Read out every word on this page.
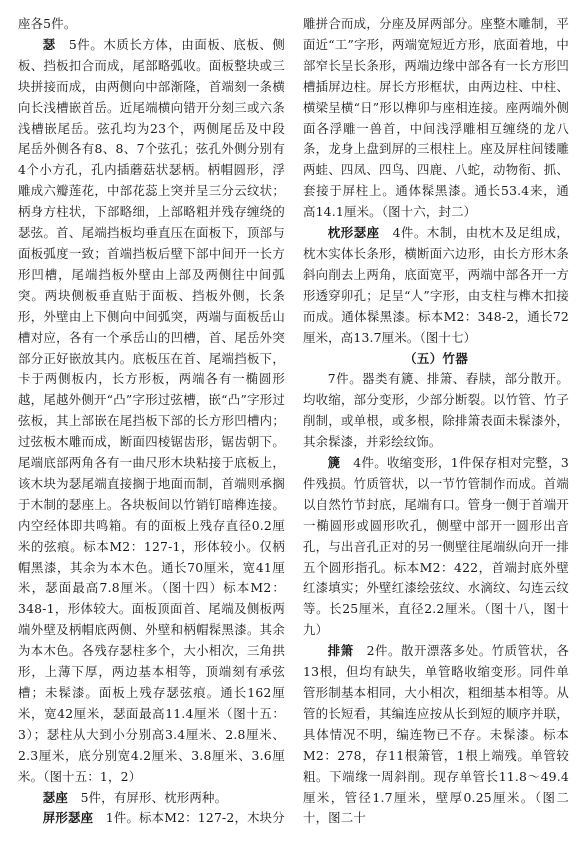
座各5件。

瑟　 5件。木质长方体，由面板、底板、侧板、挡板扣合而成，尾部略弧收。面板整块或三块拼接而成，由两侧向中部渐隆，首端刻一条横向长浅槽嵌首岳。近尾端横向错开分刻三或六条浅槽嵌尾岳。弦孔均为23个，两侧尾岳及中段尾岳外侧各有8、8、7个弦孔；弦孔外侧分别有4个小方孔，孔内插蘑菇状瑟柄。柄帽圆形，浮雕成六瓣莲花，中部花蕊上突并呈三分云纹状；柄身方柱状，下部略细，上部略粗并残存缠绕的瑟弦。首、尾端挡板均垂直压在面板下，顶部与面板弧度一致；首端挡板后壁下部中间开一长方形凹槽，尾端挡板外壁由上部及两侧往中间弧突。两块侧板垂直贴于面板、挡板外侧，长条形，外壁由上下侧向中间弧突，两端与面板岳山槽对应，各有一个承岳山的凹槽，首、尾岳外突部分正好嵌放其内。底板压在首、尾端挡板下，卡于两侧板内，长方形板，两端各有一椭圆形越，尾越外侧开“凸”字形过弦槽，嵌“凸”字形过弦板，其上部嵌在尾挡板下部的长方形凹槽内；过弦板木雕而成，断面四棱锯齿形，锯齿朝下。尾端底部两角各有一曲尺形木块粘接于底板上，该木块为瑟尾端直接搁于地面而制，首端则承搁于木制的瑟座上。各块板间以竹销钉暗榫连接。内空经体即共鸣箱。有的面板上残存直径0.2厘米的弦痕。标本M2：127-1，形体较小。仅柄帽黑漆，其余为本木色。通长70厘米，宽41厘米，瑟面最高7.8厘米。（图十四）标本M2：348-1，形体较大。面板顶面首、尾端及侧板两端外壁及柄帽底两侧、外壁和柄帽髹黑漆。其余为本木色。各残存瑟柱多个，大小相次，三角拱形，上薄下厚，两边基本相等，顶端刻有承弦槽；未髹漆。面板上残存瑟弦痕。通长162厘米，宽42厘米，瑟面最高11.4厘米（图十五：3）；瑟柱从大到小分别高3.4厘米、2.8厘米、2.3厘米，底分别宽4.2厘米、3.8厘米、3.6厘米。（图十五：1，2）

瑟座　 5件，有屏形、枕形两种。

屏形瑟座　 1件。标本M2：127-2，木块分

雕拼合而成，分座及屏两部分。座整木雕制，平面近“工”字形，两端宽短近方形，底面着地，中部窄长呈长条形，两端边缘中部各有一长方形凹槽插屏边柱。屏长方形框状，由两边柱、中柱、横梁呈横“日”形以榫卯与座相连接。座两端外侧面各浮雕一兽首，中间浅浮雕相互缠绕的龙八条，龙身上盘到屏的三根柱上。座及屏柱间镂雕两蛙、四凤、四鸟、四鹿、八蛇，动物衔、抓、套接于屏柱上。通体髹黑漆。通长53.4来，通高14.1厘米。（图十六，封二）

枕形瑟座　 4件。木制，由枕木及足组成，枕木实体长条形，横断面六边形，由长方形木条斜向削去上两角，底面宽平，两端中部各开一方形透穿卯孔；足呈“人”字形，由支柱与榫木扣接而成。通体髹黑漆。标本M2：348-2，通长72厘米，高13.7厘米。（图十七）

（五）竹器

7件。器类有篪、排箫、舂牍，部分散开。均收缩，部分变形，少部分断裂。以竹管、竹子削制，或单根，或多根，除排箫表面未髹漆外，其余髹漆，并彩绘纹饰。

篪　 4件。收缩变形，1件保存相对完整，3件残损。竹质管状，以一节竹管制作而成。首端以自然竹节封底，尾端有口。管身一侧于首端开一椭圆形或圆形吹孔，侧壁中部开一圆形出音孔，与出音孔正对的另一侧壁往尾端纵向开一排五个圆形指孔。标本M2：422，首端封底外壁红漆填实；外壁红漆绘弦纹、水滴纹、勾连云纹等。长25厘米，直径2.2厘米。（图十八，图十九）

排箫　 2件。散开漂落多处。竹质管状，各13根，但均有缺失，单管略收缩变形。同件单管形制基本相同，大小相次，粗细基本相等。从管的长短看，其编连应按从长到短的顺序并联，具体情况不明，编连物已不存。未髹漆。标本M2：278，存11根箫管，1根上端残。单管较粗。下端缘一周斜削。现存单管长11.8～49.4厘米，管径1.7厘米，壁厚0.25厘米。（图二十，图二十
